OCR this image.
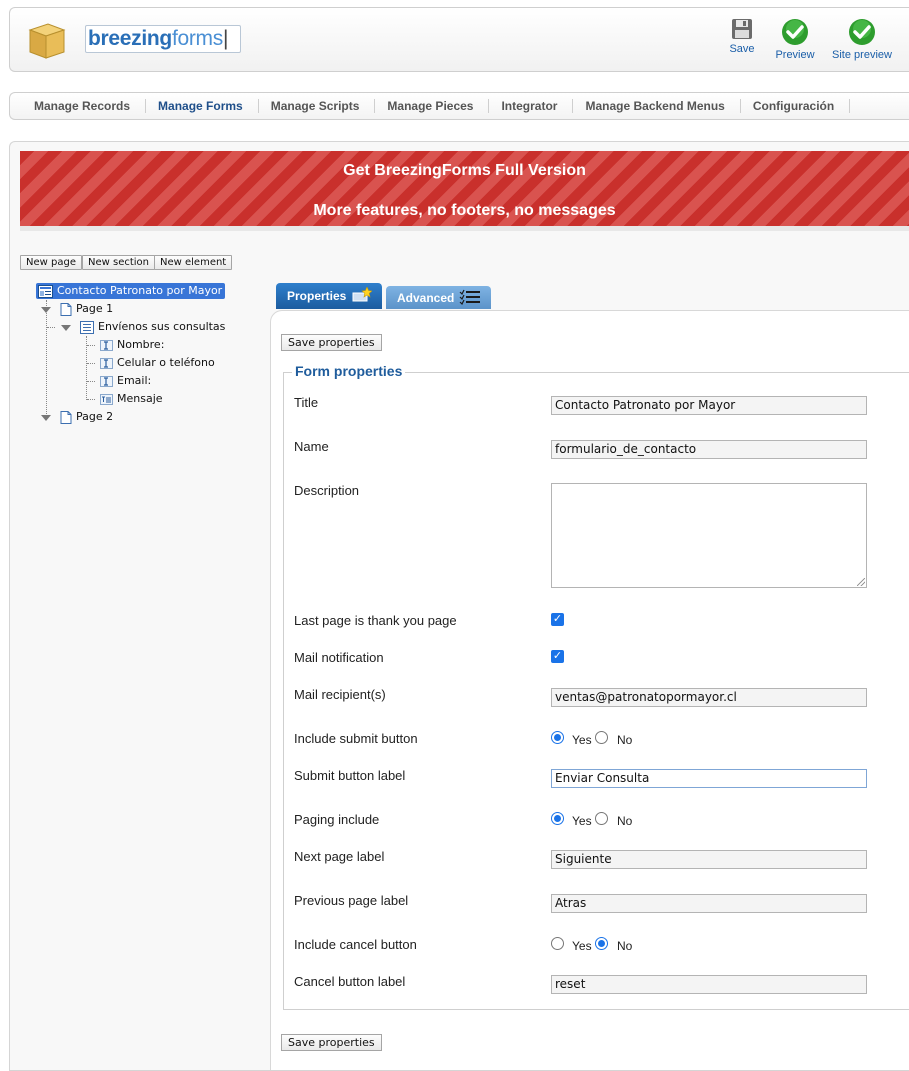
breezingforms|	Save Preview Site preview
Manage Records	Manage Forms	Manage Scripts	Manage Pieces	Integrator	Manage Backend Menus	Configuración
Get BreezingForms Full Version
More features, no footers, no messages
New page	New section	New element
Contacto Patronato por Mayor
Page 1
Envíenos sus consultas
Nombre:
Celular o teléfono
Email:
Mensaje
Page 2
Properties	Advanced
Save properties
Form properties
Title	Contacto Patronato por Mayor
Name	formulario_de_contacto
Description
Last page is thank you page	✓
Mail notification	✓
Mail recipient(s)	ventas@patronatopormayor.cl
Include submit button	Yes No
Submit button label	Enviar Consulta
Paging include	Yes No
Next page label	Siguiente
Previous page label	Atras
Include cancel button	Yes No
Cancel button label	reset
Save properties
